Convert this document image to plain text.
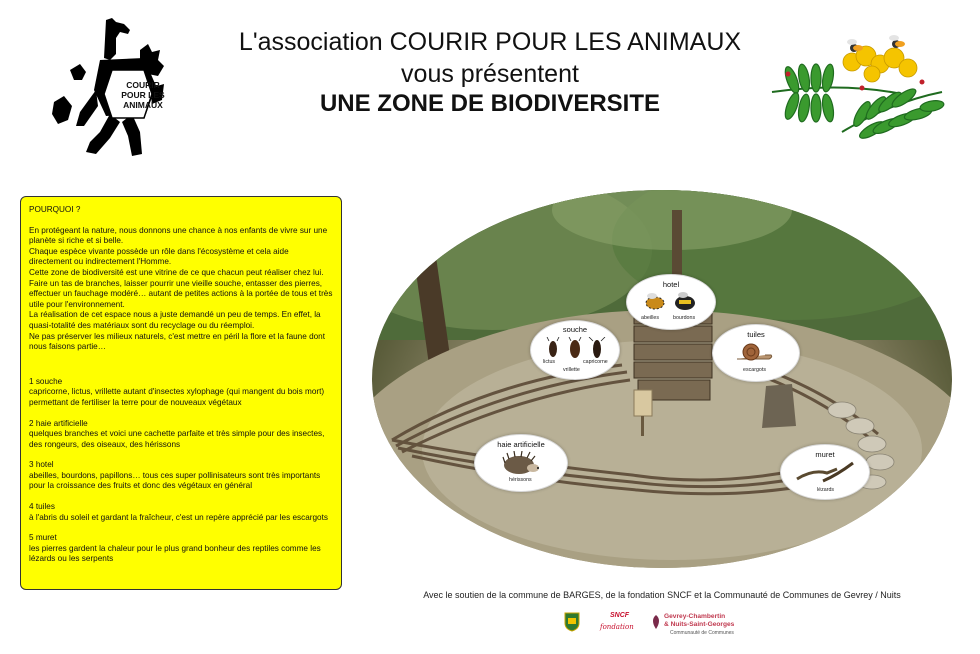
L'association COURIR POUR LES ANIMAUX
vous présentent
UNE ZONE DE BIODIVERSITE
COURIR
POUR LES
ANIMAUX

POURQUOI ?

En protégeant la nature, nous donnons une chance à nos enfants de vivre sur une planète si riche et si belle.

Chaque espèce vivante possède un rôle dans l'écosystème et cela aide directement ou indirectement l'Homme.

Cette zone de biodiversité est une vitrine de ce que chacun peut réaliser chez lui. Faire un tas de branches, laisser pourrir une vieille souche, entasser des pierres, effectuer un fauchage modéré… autant de petites actions à la portée de tous et très utile pour l'environnement.

La réalisation de cet espace nous a juste demandé un peu de temps. En effet, la quasi-totalité des matériaux sont du recyclage ou du réemploi.

Ne pas préserver les milieux naturels, c'est mettre en péril la flore et la faune dont nous faisons partie…

1 souche

capricorne, lictus, vrillette autant d'insectes xylophage (qui mangent du bois mort) permettant de fertiliser la terre pour de nouveaux végétaux

2 haie artificielle

quelques branches et voici une cachette parfaite et très simple pour des insectes, des rongeurs, des oiseaux, des hérissons

3 hotel

abeilles, bourdons, papillons… tous ces super pollinisateurs sont très importants pour la croissance des fruits et donc des végétaux en général

4 tuiles

à l'abris du soleil et gardant la fraîcheur, c'est un repère apprécié par les escargots

5 muret

les pierres gardent la chaleur pour le plus grand bonheur des reptiles comme les lézards ou les serpents

hotel
abeilles	bourdons
souche
lictus	capricorne
vrillette
tuiles
escargots
haie artificielle
hérissons
muret
lézards
Avec le soutien de la commune de BARGES, de la fondation SNCF et la Communauté de Communes de Gevrey / Nuits
SNCF
fondation
Gevrey-Chambertin
& Nuits-Saint-Georges
Communauté de Communes
